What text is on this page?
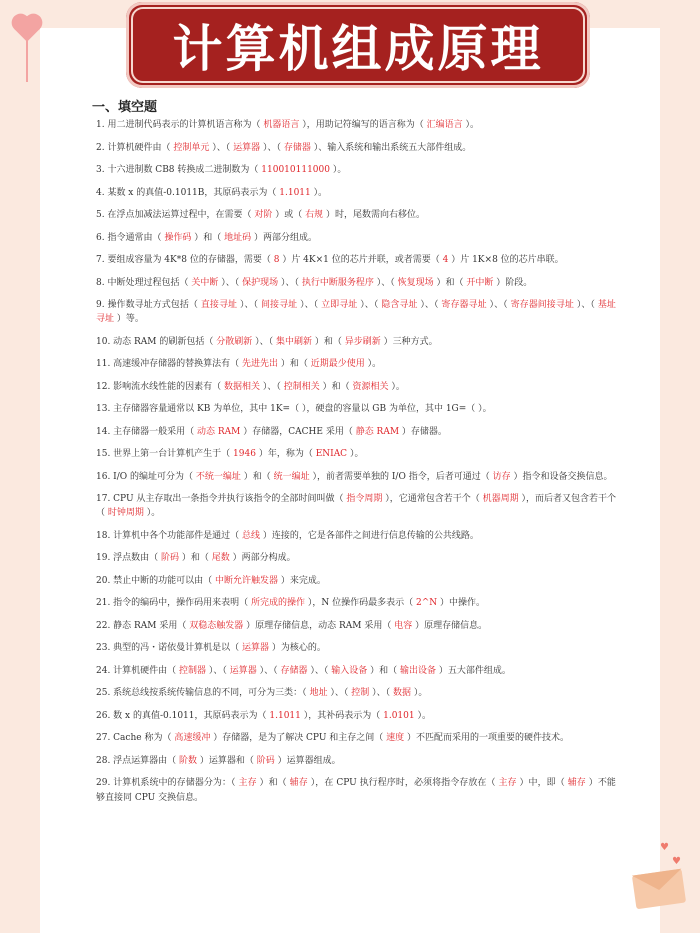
计算机组成原理
一、填空题
1. 用二进制代码表示的计算机语言称为（ 机器语言 ），用助记符编写的语言称为（ 汇编语言 ）。
2. 计算机硬件由（ 控制单元 ）、（ 运算器 ）、（ 存储器 ）、输入系统和输出系统五大部件组成。
3. 十六进制数 CB8 转换成二进制数为（ 110010111000 ）。
4. 某数 x 的真值-0.1011B，其原码表示为（ 1.1011 ）。
5. 在浮点加减法运算过程中，在需要（ 对阶 ）或（ 右规 ）时，尾数需向右移位。
6. 指令通常由（ 操作码 ）和（ 地址码 ）两部分组成。
7. 要组成容量为 4K*8 位的存储器，需要（ 8 ）片 4K×1 位的芯片并联，或者需要（ 4 ）片 1K×8 位的芯片串联。
8. 中断处理过程包括（ 关中断 ）、（ 保护现场 ）、（ 执行中断服务程序 ）、（ 恢复现场 ）和（ 开中断 ）阶段。
9. 操作数寻址方式包括（ 直接寻址 ）、（ 间接寻址 ）、（ 立即寻址 ）、（ 隐含寻址 ）、（ 寄存器寻址 ）、（ 寄存器间接寻址 ）、（ 基址寻址 ）等。
10. 动态 RAM 的刷新包括（ 分散刷新 ）、（ 集中刷新 ）和（ 异步刷新 ）三种方式。
11. 高速缓冲存储器的替换算法有（ 先进先出 ）和（ 近期最少使用 ）。
12. 影响流水线性能的因素有（ 数据相关 ）、（ 控制相关 ）和（ 资源相关 ）。
13. 主存储器容量通常以 KB 为单位，其中 1K=（ ），硬盘的容量以 GB 为单位，其中 1G=（ ）。
14. 主存储器一般采用（ 动态 RAM ）存储器，CACHE 采用（ 静态 RAM ）存储器。
15. 世界上第一台计算机产生于（ 1946 ）年，称为（ ENIAC ）。
16. I/O 的编址可分为（ 不统一编址 ）和（ 统一编址 ），前者需要单独的 I/O 指令，后者可通过（ 访存 ）指令和设备交换信息。
17. CPU 从主存取出一条指令并执行该指令的全部时间叫做（ 指令周期 ），它通常包含若干个（ 机器周期 ），而后者又包含若干个（ 时钟周期 ）。
18. 计算机中各个功能部件是通过（ 总线 ）连接的，它是各部件之间进行信息传输的公共线路。
19. 浮点数由（ 阶码 ）和（ 尾数 ）两部分构成。
20. 禁止中断的功能可以由（ 中断允许触发器 ）来完成。
21. 指令的编码中，操作码用来表明（ 所完成的操作 ），N 位操作码最多表示（ 2^N ）中操作。
22. 静态 RAM 采用（ 双稳态触发器 ）原理存储信息，动态 RAM 采用（ 电容 ）原理存储信息。
23. 典型的冯・诺依曼计算机是以（ 运算器 ）为核心的。
24. 计算机硬件由（ 控制器 ）、（ 运算器 ）、（ 存储器 ）、（ 输入设备 ）和（ 输出设备 ）五大部件组成。
25. 系统总线按系统传输信息的不同，可分为三类：（ 地址 ）、（ 控制 ）、（ 数据 ）。
26. 数 x 的真值-0.1011，其原码表示为（ 1.1011 ），其补码表示为（ 1.0101 ）。
27. Cache 称为（ 高速缓冲 ）存储器，是为了解决 CPU 和主存之间（ 速度 ）不匹配而采用的一项重要的硬件技术。
28. 浮点运算器由（ 阶数 ）运算器和（ 阶码 ）运算器组成。
29. 计算机系统中的存储器分为：（ 主存 ）和（ 辅存 ），在 CPU 执行程序时，必须将指令存放在（ 主存 ）中，即（ 辅存 ）不能够直接同 CPU 交换信息。
♥
♥
